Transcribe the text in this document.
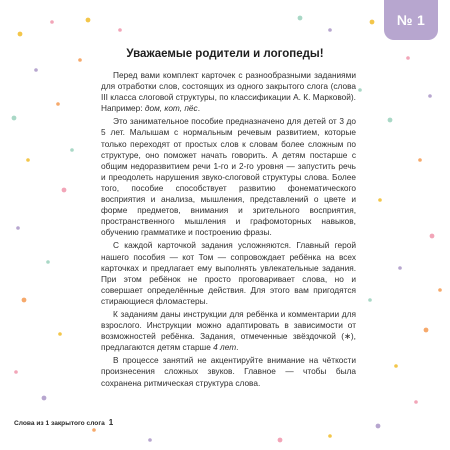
№ 1
Уважаемые родители и логопеды!

Перед вами комплект карточек с разнообразными заданиями для отработки слов, состоящих из одного закрытого слога (слова III класса слоговой структуры, по классификации А. К. Марковой). Например: дом, кот, пёс.

Это занимательное пособие предназначено для детей от 3 до 5 лет. Малышам с нормальным речевым развитием, которые только переходят от простых слов к словам более сложным по структуре, оно поможет начать говорить. А детям постарше с общим недоразвитием речи 1-го и 2-го уровня — запустить речь и преодолеть нарушения звуко-слоговой структуры слова. Более того, пособие способствует развитию фонематического восприятия и анализа, мышления, представлений о цвете и форме предметов, внимания и зрительного восприятия, пространственного мышления и графомоторных навыков, обучению грамматике и построению фразы.

С каждой карточкой задания усложняются. Главный герой нашего пособия — кот Том — сопровождает ребёнка на всех карточках и предлагает ему выполнять увлекательные задания. При этом ребёнок не просто проговаривает слова, но и совершает определённые действия. Для этого вам пригодятся стирающиеся фломастеры.

К заданиям даны инструкции для ребёнка и комментарии для взрослого. Инструкции можно адаптировать в зависимости от возможностей ребёнка. Задания, отмеченные звёздочкой (∗), предлагаются детям старше 4 лет.

В процессе занятий не акцентируйте внимание на чёткости произнесения сложных звуков. Главное — чтобы была сохранена ритмическая структура слова.

Слова из 1 закрытого слога 1
